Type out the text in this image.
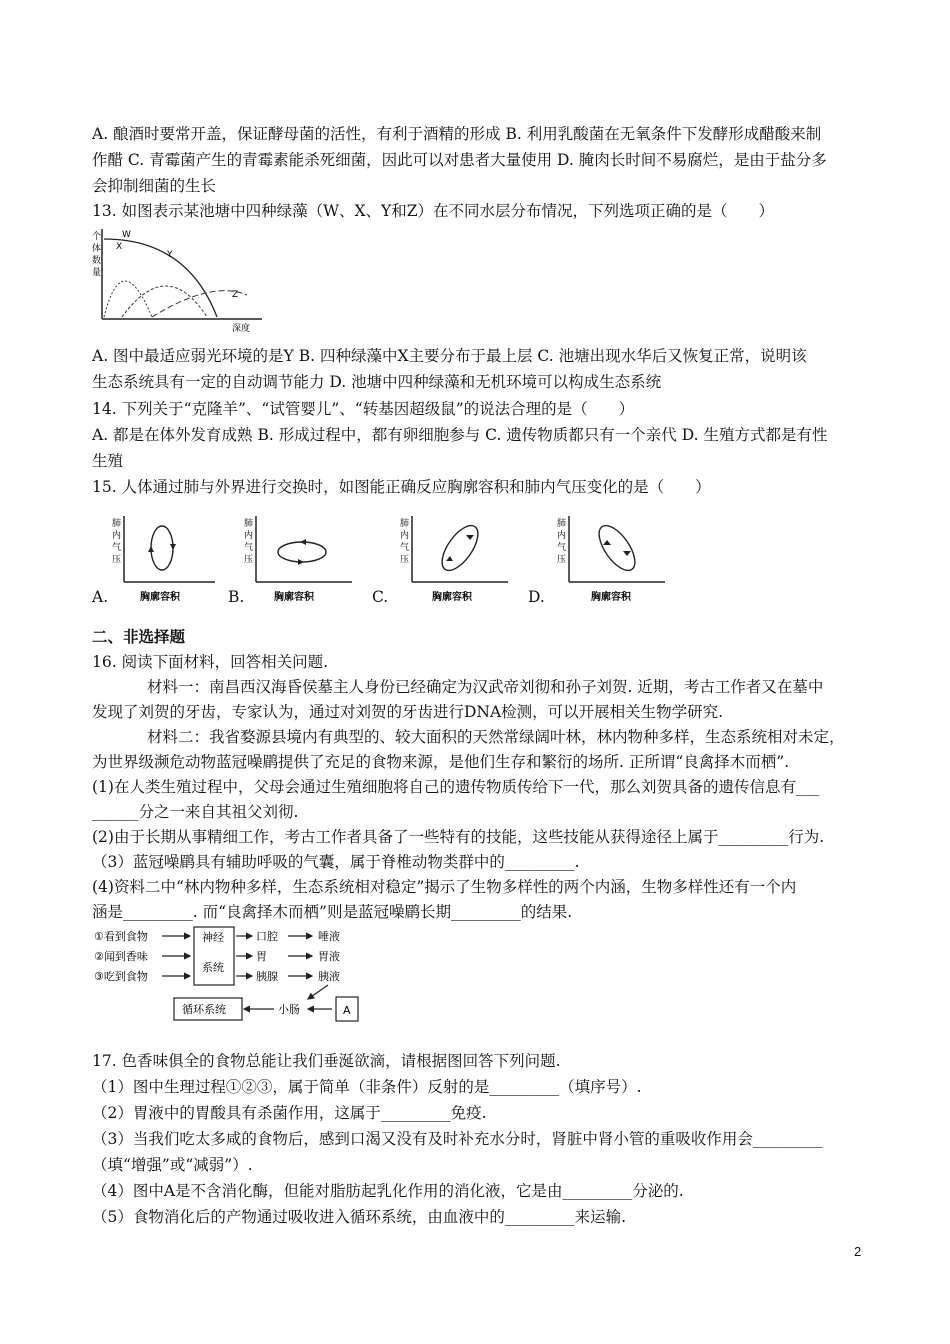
A. 酿酒时要常开盖，保证酵母菌的活性，有利于酒精的形成 B. 利用乳酸菌在无氧条件下发酵形成醋酸来制
作醋 C. 青霉菌产生的青霉素能杀死细菌，因此可以对患者大量使用 D. 腌肉长时间不易腐烂，是由于盐分多
会抑制细菌的生长
13. 如图表示某池塘中四种绿藻（W、X、Y和Z）在不同水层分布情况，下列选项正确的是（　　）
个
体
数
量
W
X
Y
Z
深度
A. 图中最适应弱光环境的是Y B. 四种绿藻中X主要分布于最上层 C. 池塘出现水华后又恢复正常，说明该
生态系统具有一定的自动调节能力 D. 池塘中四种绿藻和无机环境可以构成生态系统
14. 下列关于“克隆羊”、“试管婴儿”、“转基因超级鼠”的说法合理的是（　　）
A. 都是在体外发育成熟 B. 形成过程中，都有卵细胞参与 C. 遗传物质都只有一个亲代 D. 生殖方式都是有性
生殖
15. 人体通过肺与外界进行交换时，如图能正确反应胸廓容积和肺内气压变化的是（　　）
肺
内
气
压
胸廓容积
肺
内
气
压
胸廓容积
肺
内
气
压
胸廓容积
肺
内
气
压
胸廓容积
A.	B.	C.	D.
二、非选择题
16. 阅读下面材料，回答相关问题.
材料一：南昌西汉海昏侯墓主人身份已经确定为汉武帝刘彻和孙子刘贺. 近期，考古工作者又在墓中
发现了刘贺的牙齿，专家认为，通过对刘贺的牙齿进行DNA检测，可以开展相关生物学研究.
材料二：我省婺源县境内有典型的、较大面积的天然常绿阔叶林，林内物种多样，生态系统相对未定，
为世界级濒危动物蓝冠噪鹛提供了充足的食物来源，是他们生存和繁衍的场所. 正所谓“良禽择木而栖”.
(1)在人类生殖过程中，父母会通过生殖细胞将自己的遗传物质传给下一代，那么刘贺具备的遗传信息有___
______分之一来自其祖父刘彻.
(2)由于长期从事精细工作，考古工作者具备了一些特有的技能，这些技能从获得途径上属于_________行为.
（3）蓝冠噪鹛具有辅助呼吸的气囊，属于脊椎动物类群中的_________.
(4)资料二中“林内物种多样，生态系统相对稳定”揭示了生物多样性的两个内涵，生物多样性还有一个内
涵是_________. 而“良禽择木而栖”则是蓝冠噪鹛长期_________的结果.
①看到食物
②闻到香味
③吃到食物
神经
系统
口腔
胃
胰腺
唾液
胃液
胰液
循环系统	小肠	A
17. 色香味俱全的食物总能让我们垂涎欲滴，请根据图回答下列问题.
（1）图中生理过程①②③，属于简单（非条件）反射的是_________（填序号）.
（2）胃液中的胃酸具有杀菌作用，这属于_________免疫.
（3）当我们吃太多咸的食物后，感到口渴又没有及时补充水分时，肾脏中肾小管的重吸收作用会_________
（填“增强”或“减弱”）.
（4）图中A是不含消化酶，但能对脂肪起乳化作用的消化液，它是由_________分泌的.
（5）食物消化后的产物通过吸收进入循环系统，由血液中的_________来运输.
2
